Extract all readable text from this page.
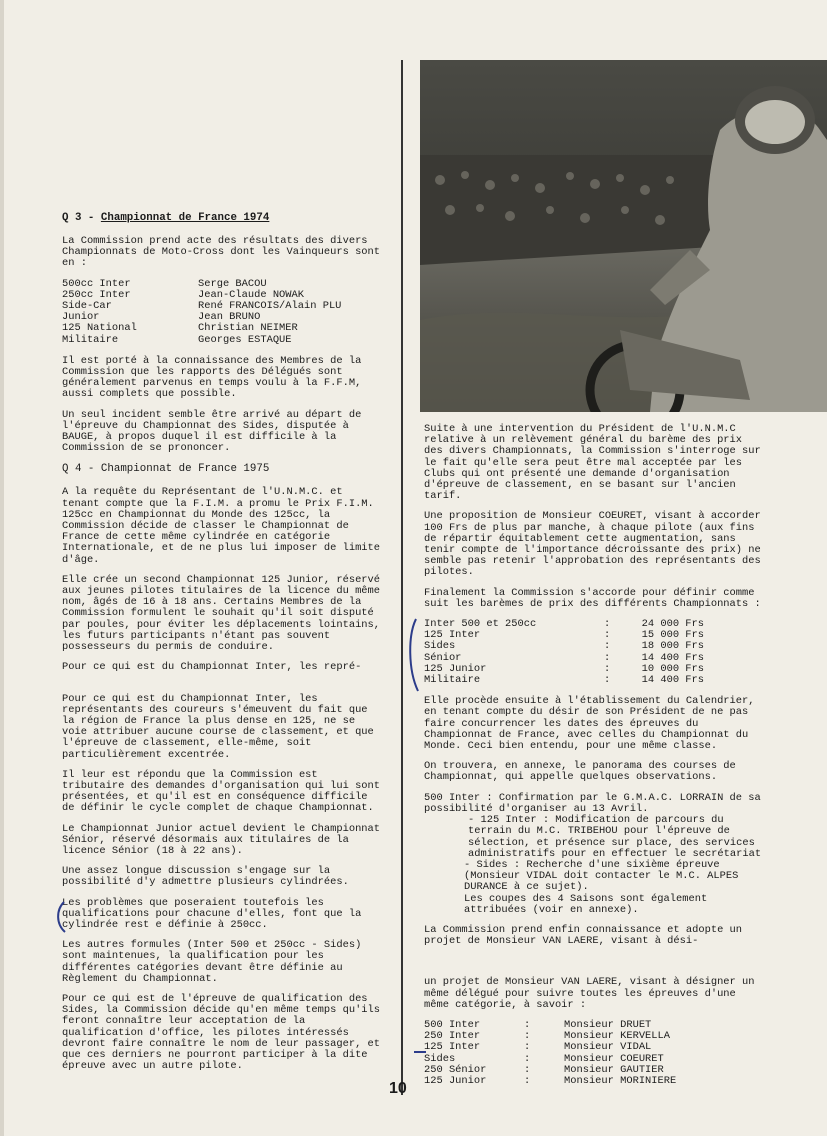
Q 3 - Championnat de France 1974

La Commission prend acte des résultats des divers Championnats de Moto-Cross dont les Vainqueurs sont en :

500cc Inter	Serge BACOU
250cc Inter	Jean-Claude NOWAK
Side-Car	René FRANCOIS/Alain PLU
Junior	Jean BRUNO
125 National	Christian NEIMER
Militaire	Georges ESTAQUE

Il est porté à la connaissance des Membres de la Commission que les rapports des Délégués sont généralement parvenus en temps voulu à la F.F.M, aussi complets que possible.

Un seul incident semble être arrivé au départ de l'épreuve du Championnat des Sides, disputée à BAUGE, à propos duquel il est difficile à la Commission de se prononcer.

Q 4 - Championnat de France 1975

A la requête du Représentant de l'U.N.M.C. et tenant compte que la F.I.M. a promu le Prix F.I.M. 125cc en Championnat du Monde des 125cc, la Commission décide de classer le Championnat de France de cette même cylindrée en catégorie Internationale, et de ne plus lui imposer de limite d'âge.

Elle crée un second Championnat 125 Junior, réservé aux jeunes pilotes titulaires de la licence du même nom, âgés de 16 à 18 ans. Certains Membres de la Commission formulent le souhait qu'il soit disputé par poules, pour éviter les déplacements lointains, les futurs participants n'étant pas souvent possesseurs du permis de conduire.

Pour ce qui est du Championnat Inter, les repré-

Pour ce qui est du Championnat Inter, les représentants des coureurs s'émeuvent du fait que la région de France la plus dense en 125, ne se voie attribuer aucune course de classement, et que l'épreuve de classement, elle-même, soit particulièrement excentrée.

Il leur est répondu que la Commission est tributaire des demandes d'organisation qui lui sont présentées, et qu'il est en conséquence difficile de définir le cycle complet de chaque Championnat.

Le Championnat Junior actuel devient le Championnat Sénior, réservé désormais aux titulaires de la licence Sénior (18 à 22 ans).

Une assez longue discussion s'engage sur la possibilité d'y admettre plusieurs cylindrées.

Les problèmes que poseraient toutefois les qualifications pour chacune d'elles, font que la cylindrée rest e définie à 250cc.

Les autres formules (Inter 500 et 250cc - Sides) sont maintenues, la qualification pour les différentes catégories devant être définie au Règlement du Championnat.

Pour ce qui est de l'épreuve de qualification des Sides, la Commission décide qu'en même temps qu'ils feront connaître leur acceptation de la qualification d'office, les pilotes intéressés devront faire connaître le nom de leur passager, et que ces derniers ne pourront participer à la dite épreuve avec un autre pilote.

Suite à une intervention du Président de l'U.N.M.C relative à un relèvement général du barème des prix des divers Championnats, la Commission s'interroge sur le fait qu'elle sera peut être mal acceptée par les Clubs qui ont présenté une demande d'organisation d'épreuve de classement, en se basant sur l'ancien tarif.

Une proposition de Monsieur COEURET, visant à accorder 100 Frs de plus par manche, à chaque pilote (aux fins de répartir équitablement cette augmentation, sans tenir compte de l'importance décroissante des prix) ne semble pas retenir l'approbation des représentants des pilotes.

Finalement la Commission s'accorde pour définir comme suit les barèmes de prix des différents Championnats :

Inter 500 et 250cc	:	24 000 Frs
125 Inter	:	15 000 Frs
Sides	:	18 000 Frs
Sénior	:	14 400 Frs
125 Junior	:	10 000 Frs
Militaire	:	14 400 Frs

Elle procède ensuite à l'établissement du Calendrier, en tenant compte du désir de son Président de ne pas faire concurrencer les dates des épreuves du Championnat de France, avec celles du Championnat du Monde. Ceci bien entendu, pour une même classe.

On trouvera, en annexe, le panorama des courses de Championnat, qui appelle quelques observations.

500 Inter : Confirmation par le G.M.A.C. LORRAIN de sa possibilité d'organiser au 13 Avril.

- 125 Inter : Modification de parcours du terrain du M.C. TRIBEHOU pour l'épreuve de sélection, et présence sur place, des services administratifs pour en effectuer le secrétariat

- Sides : Recherche d'une sixième épreuve (Monsieur VIDAL doit contacter le M.C. ALPES DURANCE à ce sujet).

Les coupes des 4 Saisons sont également attribuées (voir en annexe).

La Commission prend enfin connaissance et adopte un projet de Monsieur VAN LAERE, visant à dési-

un projet de Monsieur VAN LAERE, visant à désigner un même délégué pour suivre toutes les épreuves d'une même catégorie, à savoir :

500 Inter	:	Monsieur DRUET
250 Inter	:	Monsieur KERVELLA
125 Inter	:	Monsieur VIDAL
Sides	:	Monsieur COEURET
250 Sénior	:	Monsieur GAUTIER
125 Junior	:	Monsieur MORINIERE
10
